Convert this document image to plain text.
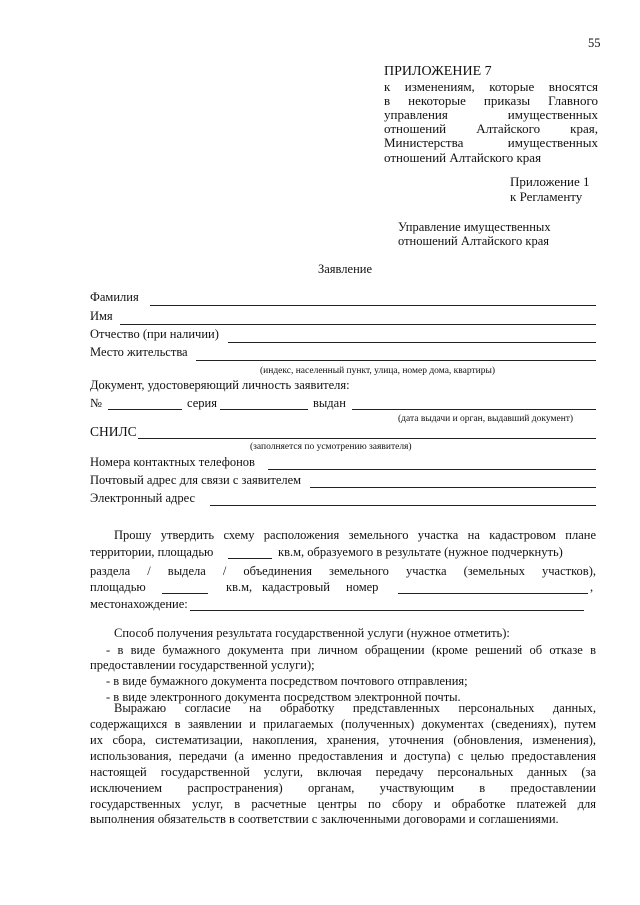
55
ПРИЛОЖЕНИЕ 7
к изменениям, которые вносятся
в некоторые приказы Главного
управления имущественных
отношений Алтайского края,
Министерства имущественных
отношений Алтайского края
Приложение 1
к Регламенту
Управление имущественных
отношений Алтайского края
Заявление
Фамилия
Имя
Отчество (при наличии)
Место жительства
(индекс, населенный пункт, улица, номер дома, квартиры)
Документ, удостоверяющий личность заявителя:
№	серия	выдан
(дата выдачи и орган, выдавший документ)
СНИЛС
(заполняется по усмотрению заявителя)
Номера контактных телефонов
Почтовый адрес для связи с заявителем
Электронный адрес
Прошу утвердить схему расположения земельного участка на кадастровом плане
территории, площадью	кв.м, образуемого в результате (нужное подчеркнуть)
раздела / выдела / объединения земельного участка (земельных участков),
площадью	кв.м, кадастровый номер	,
местонахождение:
Способ получения результата государственной услуги (нужное отметить):
- в виде бумажного документа при личном обращении (кроме решений об отказе в
предоставлении государственной услуги);
- в виде бумажного документа посредством почтового отправления;
- в виде электронного документа посредством электронной почты.
Выражаю согласие на обработку представленных персональных данных,
содержащихся в заявлении и прилагаемых (полученных) документах (сведениях), путем
их сбора, систематизации, накопления, хранения, уточнения (обновления, изменения),
использования, передачи (а именно предоставления и доступа) с целью предоставления
настоящей государственной услуги, включая передачу персональных данных (за
исключением распространения) органам, участвующим в предоставлении
государственных услуг, в расчетные центры по сбору и обработке платежей для
выполнения обязательств в соответствии с заключенными договорами и соглашениями.
